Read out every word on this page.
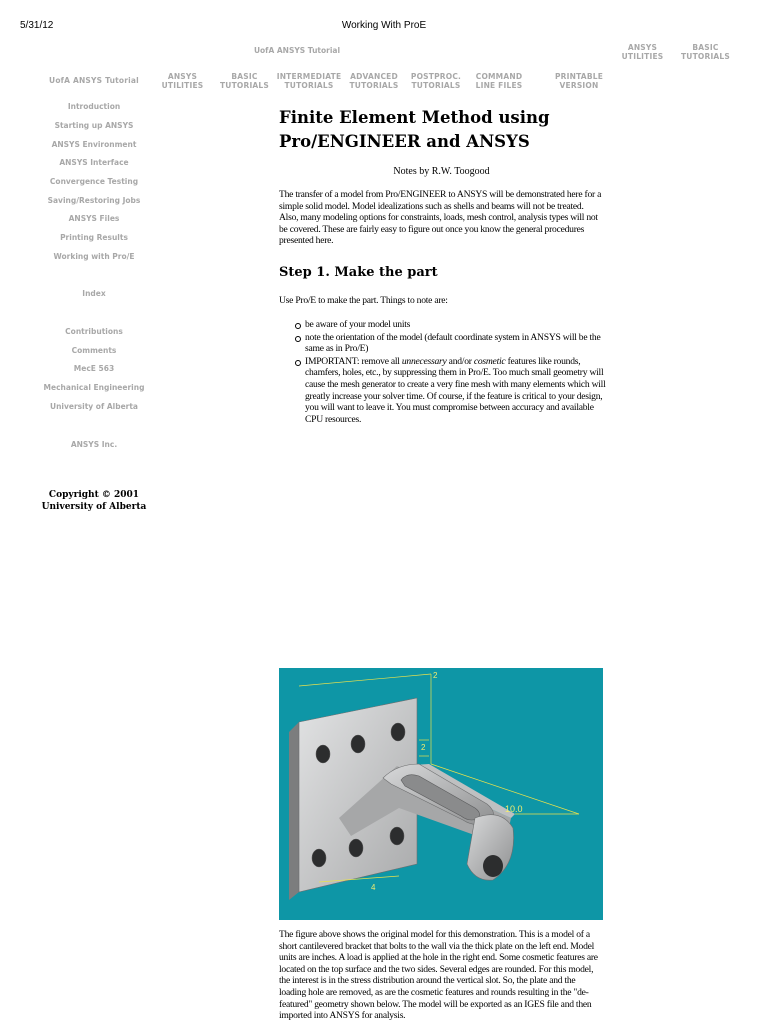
5/31/12	Working With ProE
UofA ANSYS Tutorial	ANSYS
UTILITIES
BASIC
TUTORIALS
UofA ANSYS Tutorial	ANSYS
UTILITIES
BASIC
TUTORIALS
INTERMEDIATE
TUTORIALS
ADVANCED
TUTORIALS
POSTPROC.
TUTORIALS
COMMAND
LINE FILES
PRINTABLE
VERSION
Introduction
Starting up ANSYS
ANSYS Environment
ANSYS Interface
Convergence Testing
Saving/Restoring Jobs
ANSYS Files
Printing Results
Working with Pro/E
Index
Contributions
Comments
MecE 563
Mechanical Engineering
University of Alberta
ANSYS Inc.
Copyright © 2001
University of Alberta
Finite Element Method using
Pro/ENGINEER and ANSYS
Notes by R.W. Toogood

The transfer of a model from Pro/ENGINEER to ANSYS will be demonstrated here for a simple solid model. Model idealizations such as shells and beams will not be treated. Also, many modeling options for constraints, loads, mesh control, analysis types will not be covered. These are fairly easy to figure out once you know the general procedures presented here.

Step 1. Make the part

Use Pro/E to make the part. Things to note are:

be aware of your model units
note the orientation of the model (default coordinate system in ANSYS will be the same as in Pro/E)
IMPORTANT: remove all unnecessary and/or cosmetic features like rounds, chamfers, holes, etc., by suppressing them in Pro/E. Too much small geometry will cause the mesh generator to create a very fine mesh with many elements which will greatly increase your solver time. Of course, if the feature is critical to your design, you will want to leave it. You must compromise between accuracy and available CPU resources.
2
2
10.0
4

The figure above shows the original model for this demonstration. This is a model of a short cantilevered bracket that bolts to the wall via the thick plate on the left end. Model units are inches. A load is applied at the hole in the right end. Some cosmetic features are located on the top surface and the two sides. Several edges are rounded. For this model, the interest is in the stress distribution around the vertical slot. So, the plate and the loading hole are removed, as are the cosmetic features and rounds resulting in the "de-featured" geometry shown below. The model will be exported as an IGES file and then imported into ANSYS for analysis.
